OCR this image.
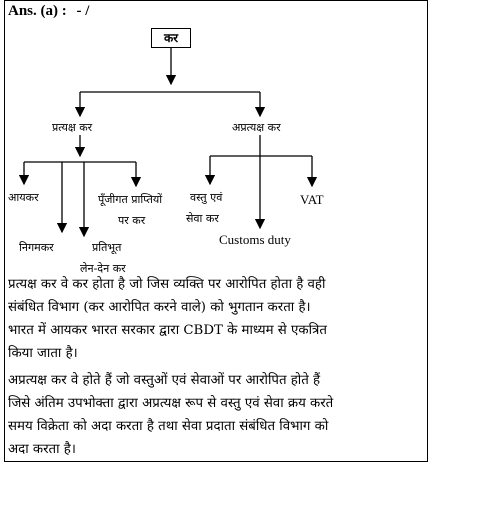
Ans. (a) : - /
कर
प्रत्यक्ष कर	अप्रत्यक्ष कर
आयकर
निगमकर	प्रतिभूत
लेन-देन कर
पूँजीगत प्राप्तियों
पर कर
वस्तु एवं
सेवा कर
Customs duty
VAT
प्रत्यक्ष कर वे कर होता है जो जिस व्यक्ति पर आरोपित होता है वही
संबंधित विभाग (कर आरोपित करने वाले) को भुगतान करता है।
भारत में आयकर भारत सरकार द्वारा CBDT के माध्यम से एकत्रित
किया जाता है।
अप्रत्यक्ष कर वे होते हैं जो वस्तुओं एवं सेवाओं पर आरोपित होते हैं
जिसे अंतिम उपभोक्ता द्वारा अप्रत्यक्ष रूप से वस्तु एवं सेवा क्रय करते
समय विक्रेता को अदा करता है तथा सेवा प्रदाता संबंधित विभाग को
अदा करता है।
